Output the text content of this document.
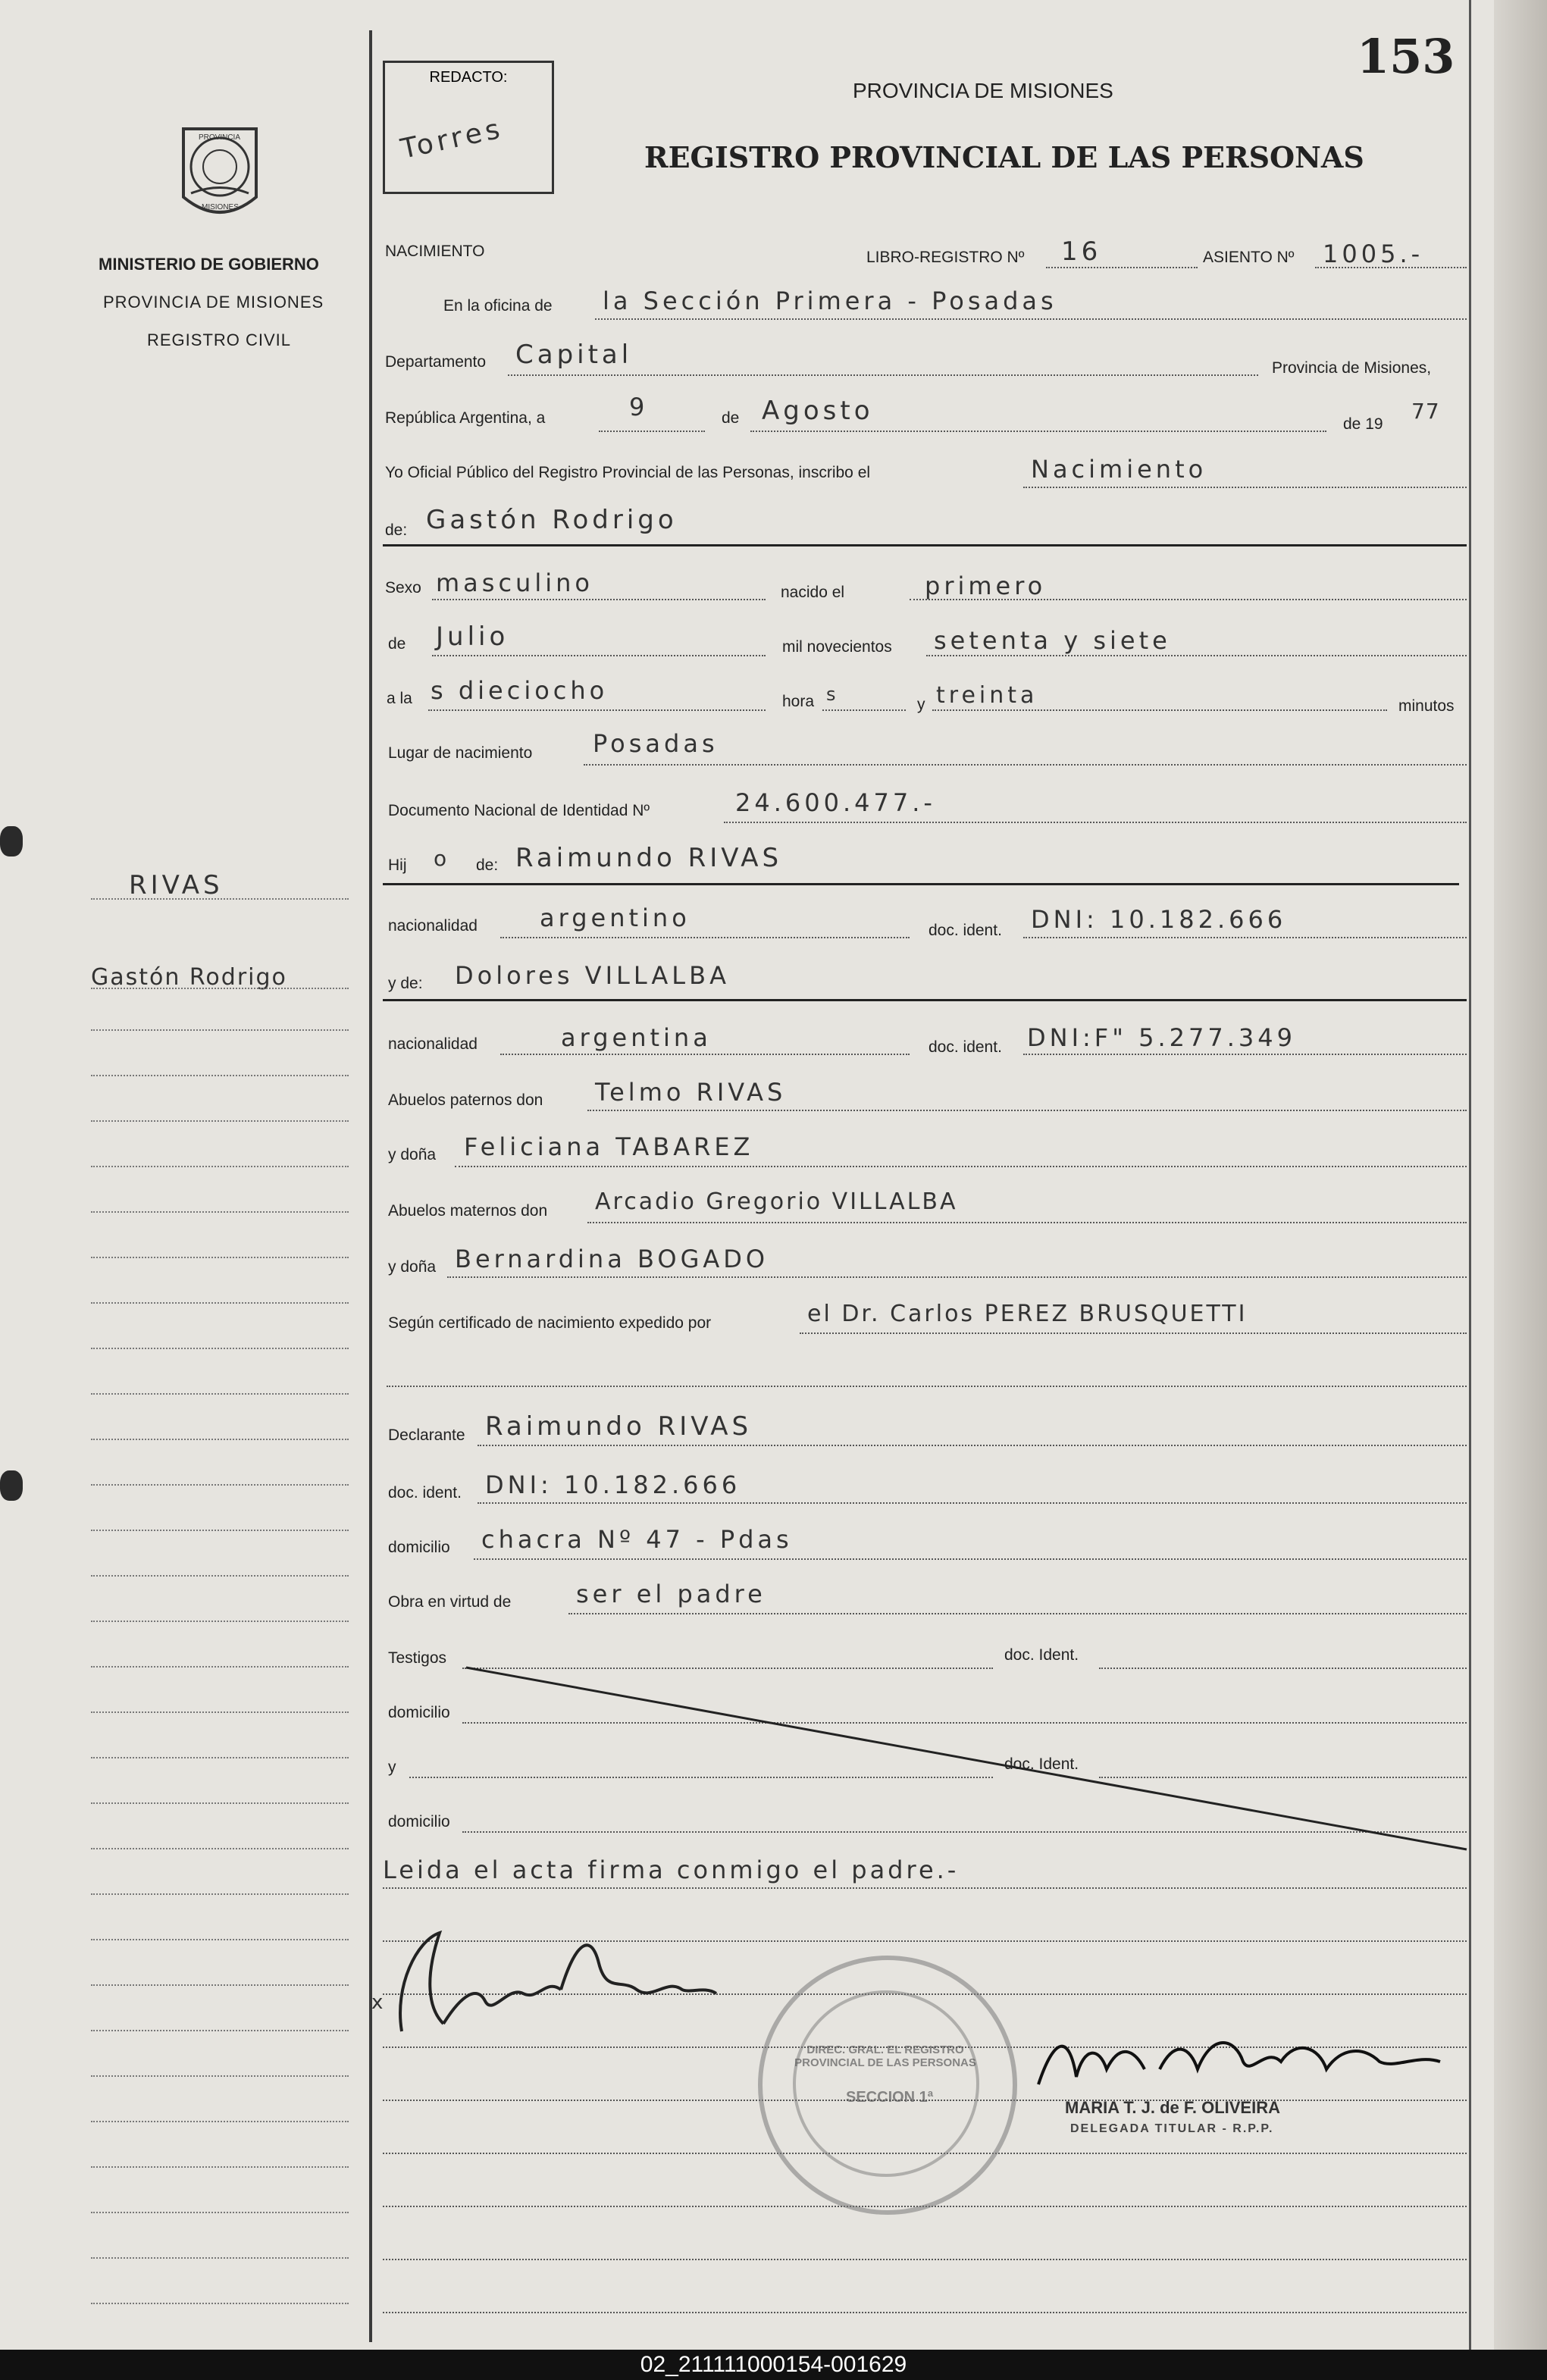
153
REDACTO:
Torres
PROVINCIA DE MISIONES
REGISTRO PROVINCIAL DE LAS PERSONAS
PROVINCIA
MISIONES
MINISTERIO DE GOBIERNO
PROVINCIA DE MISIONES
REGISTRO CIVIL
RIVAS
Gastón Rodrigo
NACIMIENTO	LIBRO-REGISTRO Nº 16	ASIENTO Nº 1005.-
En la oficina de la Sección Primera - Posadas
Departamento Capital	Provincia de Misiones,
República Argentina, a	9	de Agosto	de 19
77
Yo Oficial Público del Registro Provincial de las Personas, inscribo el	Nacimiento
de: Gastón Rodrigo
Sexo masculino	nacido el	primero
de Julio	mil novecientos setenta y siete
a la s dieciocho	hora s	y treinta	minutos
Lugar de nacimiento Posadas
Documento Nacional de Identidad Nº	24.600.477.-
Hij o de: Raimundo RIVAS
nacionalidad	argentino	doc. ident. DNI: 10.182.666
y de: Dolores VILLALBA
nacionalidad	argentina	doc. ident. DNI:F" 5.277.349
Abuelos paternos don Telmo RIVAS
y doña Feliciana TABAREZ
Abuelos maternos don Arcadio Gregorio VILLALBA
y doña Bernardina BOGADO
Según certificado de nacimiento expedido por	el Dr. Carlos PEREZ BRUSQUETTI
Declarante Raimundo RIVAS
doc. ident. DNI: 10.182.666
domicilio chacra Nº 47 - Pdas
Obra en virtud de	ser el padre
Testigos	doc. Ident.
domicilio
y	doc. Ident.
domicilio
Leida el acta firma conmigo el padre.-
x
DIREC. GRAL. EL REGISTRO PROVINCIAL DE LAS PERSONAS
SECCION 1ª
MARIA T. J. de F. OLIVEIRA
DELEGADA TITULAR - R.P.P.
02_211111000154-001629
